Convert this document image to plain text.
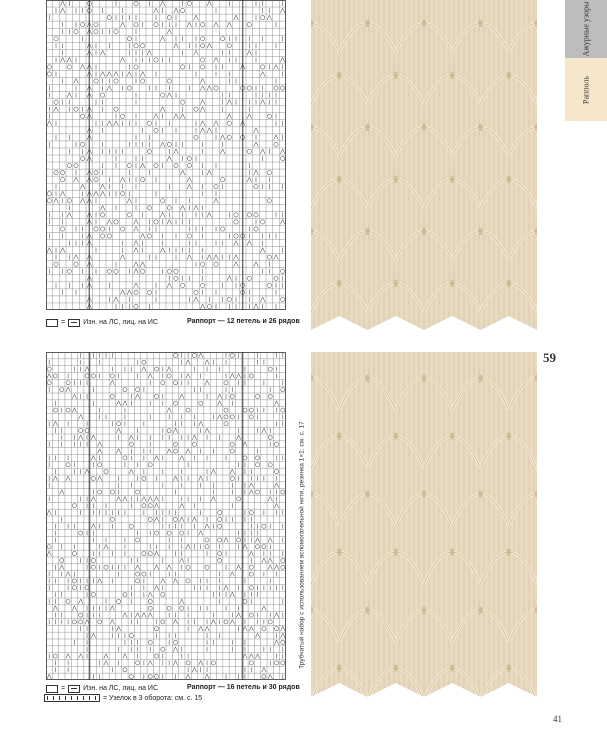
=	Изн. на ЛС, лиц. на ИС	Раппорт — 12 петель и 26 рядов
Ажурные узоры
Рапполь
=	Изн. на ЛС, лиц. на ИС	Раппорт — 16 петель и 30 рядов
= Узелок в 3 оборота: см. с. 15
Трубчатый набор с использованием вспомогательной нити, резинка 1×1: см. с. 17
59
41
